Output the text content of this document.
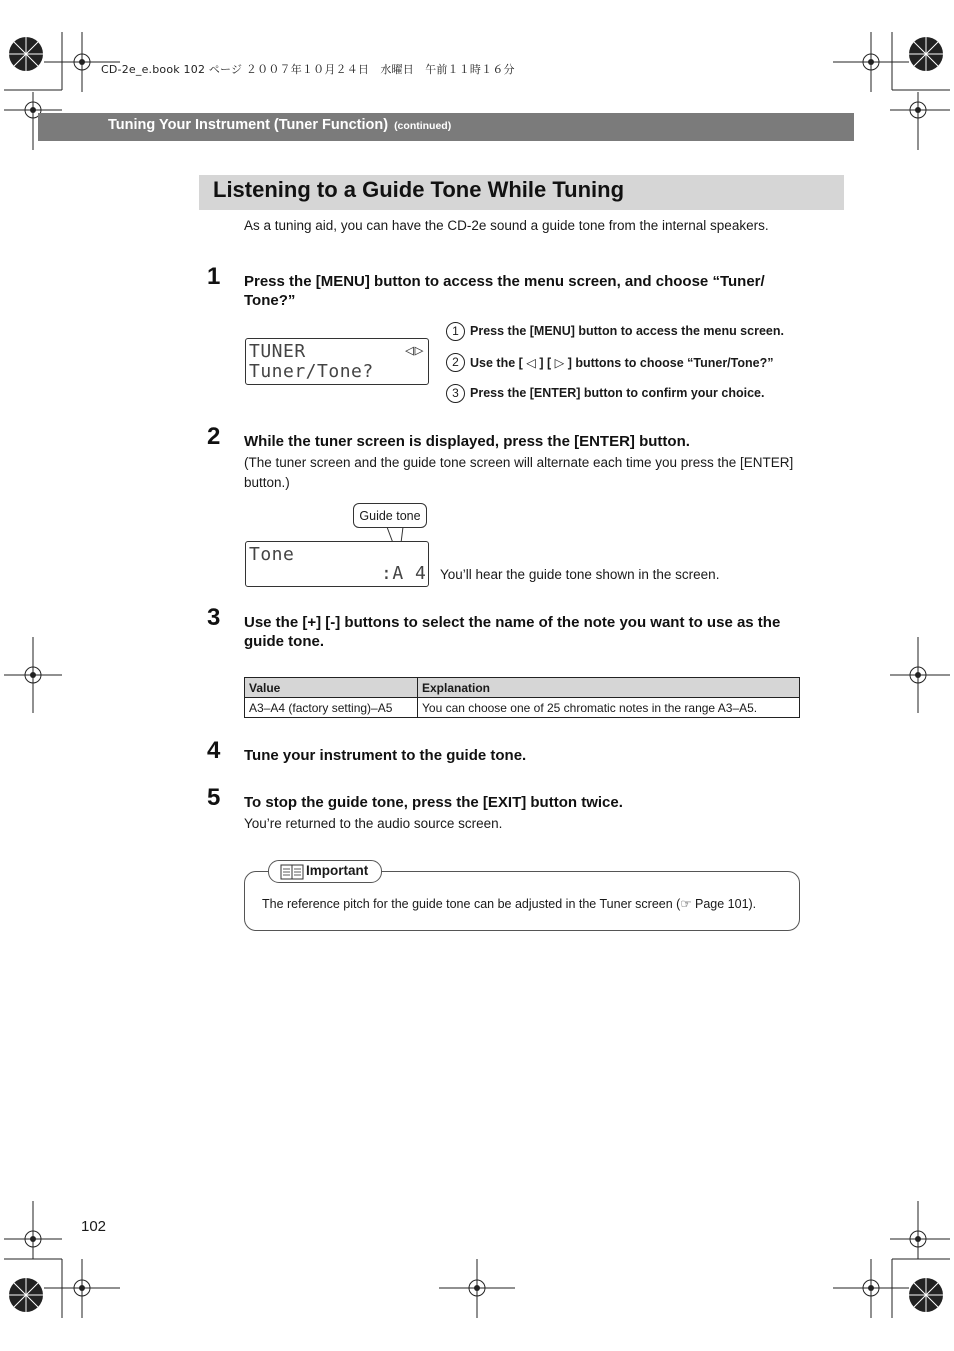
CD-2e_e.book 102 ページ ２００７年１０月２４日　水曜日　午前１１時１６分
Tuning Your Instrument (Tuner Function) (continued)
Listening to a Guide Tone While Tuning
As a tuning aid, you can have the CD-2e sound a guide tone from the internal speakers.
1 Press the [MENU] button to access the menu screen, and choose “Tuner/ Tone?”
TUNER	◁▷
Tuner/Tone?
1 Press the [MENU] button to access the menu screen.
2 Use the [ ◁ ] [ ▷ ] buttons to choose “Tuner/Tone?”
3 Press the [ENTER] button to confirm your choice.
2 While the tuner screen is displayed, press the [ENTER] button.
(The tuner screen and the guide tone screen will alternate each time you press the [ENTER] button.)
Guide tone
Tone
:A 4 You’ll hear the guide tone shown in the screen.
3 Use the [+] [-] buttons to select the name of the note you want to use as the guide tone.
Value	Explanation
A3–A4 (factory setting)–A5	You can choose one of 25 chromatic notes in the range A3–A5.
4 Tune your instrument to the guide tone.
5 To stop the guide tone, press the [EXIT] button twice.
You’re returned to the audio source screen.
Important
The reference pitch for the guide tone can be adjusted in the Tuner screen (☞ Page 101).
102
